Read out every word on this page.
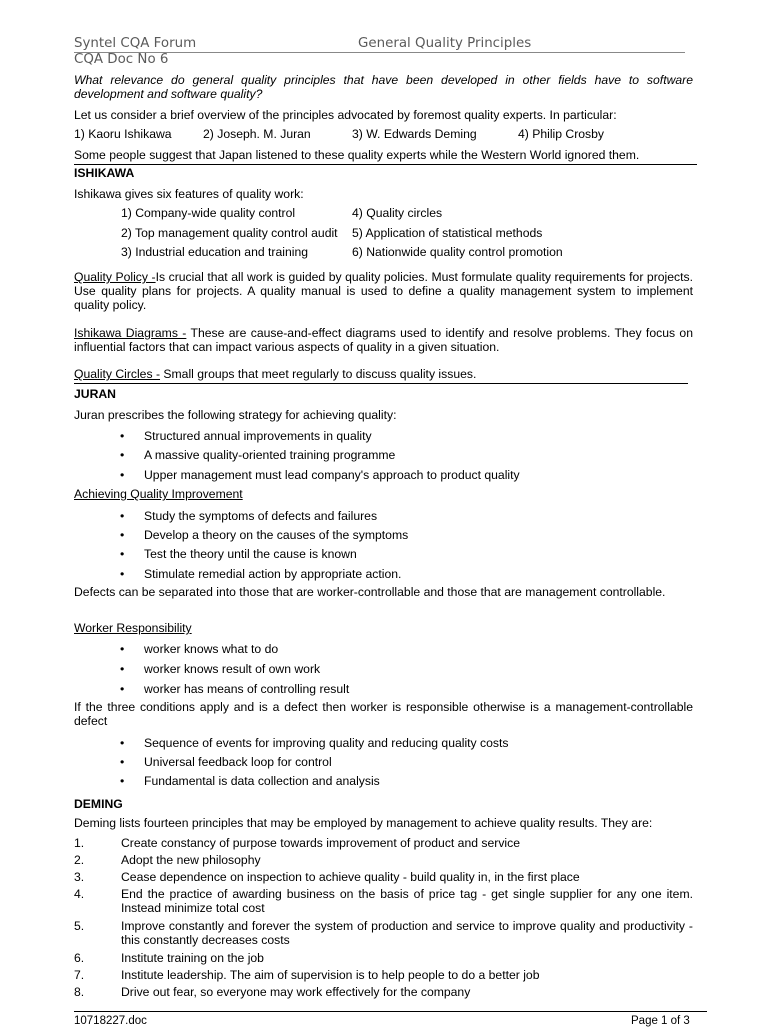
Syntel CQA Forum	General Quality Principles
CQA Doc No 6
What relevance do general quality principles that have been developed in other fields have to software development and software quality?
Let us consider a brief overview of the principles advocated by foremost quality experts. In particular:
1) Kaoru Ishikawa	2) Joseph. M. Juran	3) W. Edwards Deming	4) Philip Crosby
Some people suggest that Japan listened to these quality experts while the Western World ignored them.
ISHIKAWA
Ishikawa gives six features of quality work:
1) Company-wide quality control	4) Quality circles
2) Top management quality control audit 5) Application of statistical methods
3) Industrial education and training	6) Nationwide quality control promotion
Quality Policy -Is crucial that all work is guided by quality policies. Must formulate quality requirements for projects. Use quality plans for projects. A quality manual is used to define a quality management system to implement quality policy.
Ishikawa Diagrams - These are cause-and-effect diagrams used to identify and resolve problems. They focus on influential factors that can impact various aspects of quality in a given situation.
Quality Circles - Small groups that meet regularly to discuss quality issues.
JURAN
Juran prescribes the following strategy for achieving quality:
• Structured annual improvements in quality
• A massive quality-oriented training programme
• Upper management must lead company's approach to product quality
Achieving Quality Improvement
• Study the symptoms of defects and failures
• Develop a theory on the causes of the symptoms
• Test the theory until the cause is known
• Stimulate remedial action by appropriate action.
Defects can be separated into those that are worker-controllable and those that are management controllable.
Worker Responsibility
• worker knows what to do
• worker knows result of own work
• worker has means of controlling result
If the three conditions apply and is a defect then worker is responsible otherwise is a management-controllable defect
• Sequence of events for improving quality and reducing quality costs
• Universal feedback loop for control
• Fundamental is data collection and analysis
DEMING
Deming lists fourteen principles that may be employed by management to achieve quality results. They are:
1.	Create constancy of purpose towards improvement of product and service
2.	Adopt the new philosophy
3.	Cease dependence on inspection to achieve quality - build quality in, in the first place
4.	End the practice of awarding business on the basis of price tag - get single supplier for any one item. Instead minimize total cost
5.	Improve constantly and forever the system of production and service to improve quality and productivity - this constantly decreases costs
6.	Institute training on the job
7.	Institute leadership. The aim of supervision is to help people to do a better job
8.	Drive out fear, so everyone may work effectively for the company
10718227.doc	Page 1 of 3
